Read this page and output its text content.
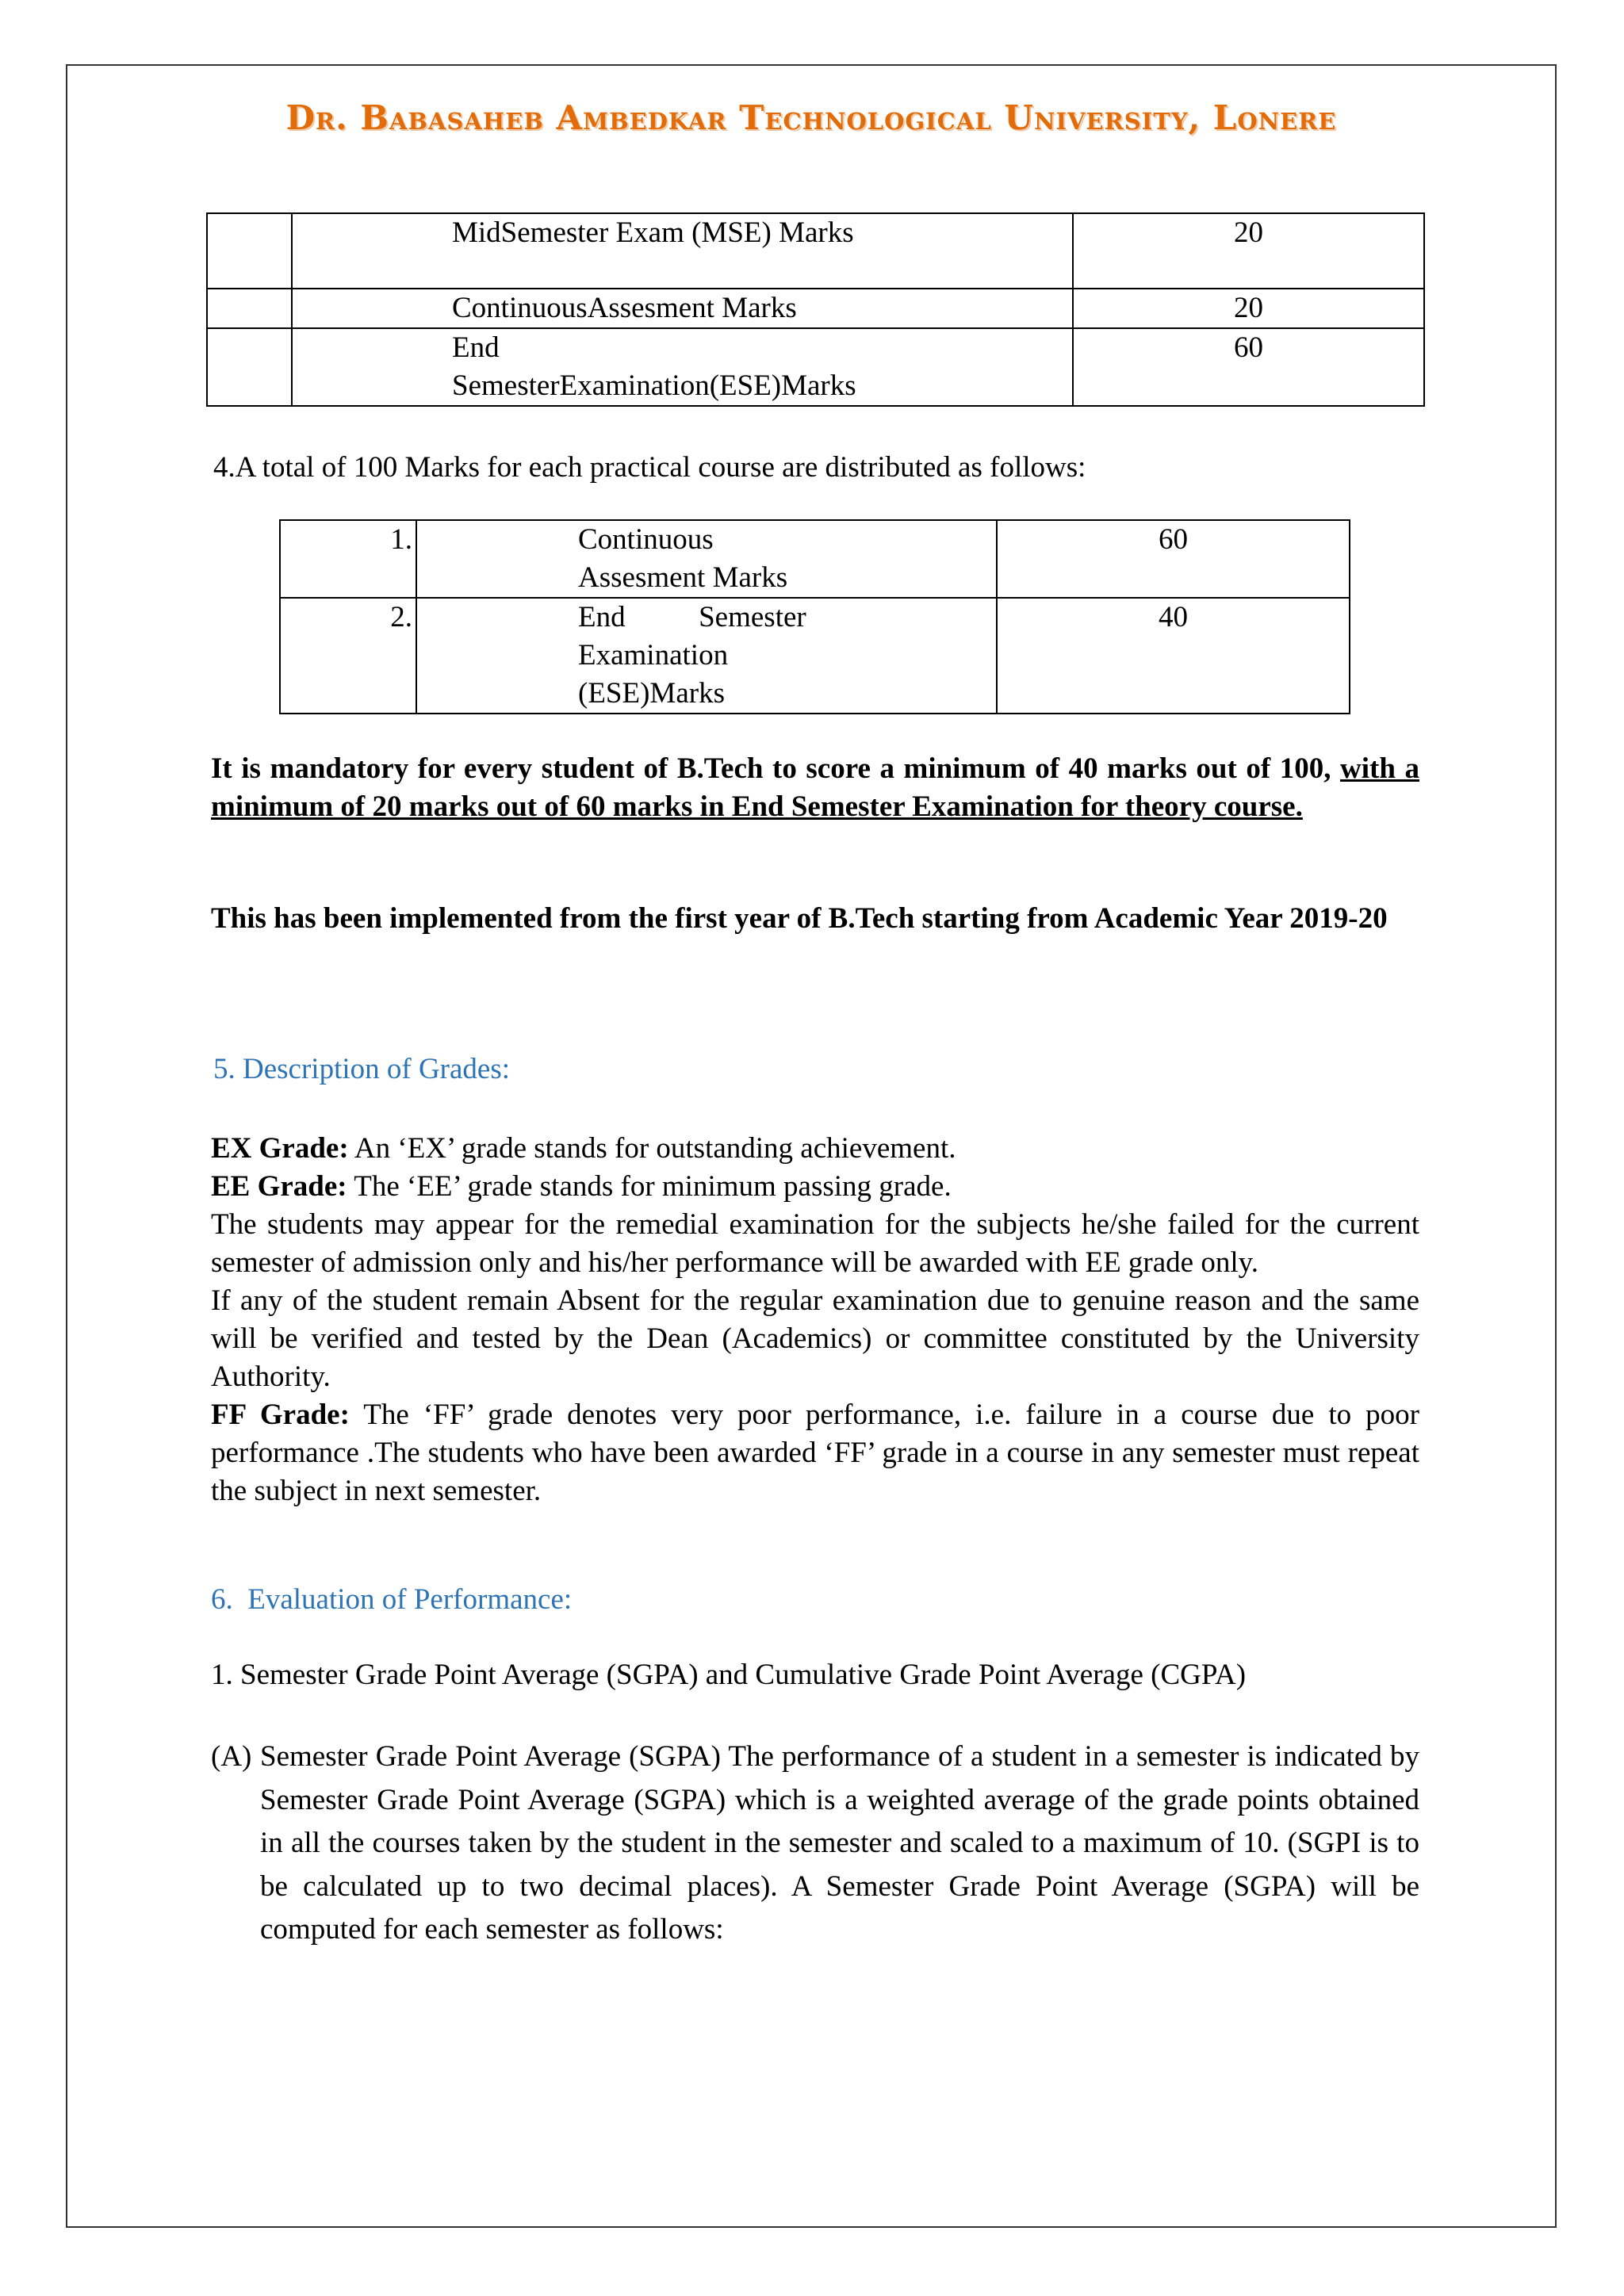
Dr. Babasaheb Ambedkar Technological University, Lonere
	MidSemester Exam (MSE) Marks	20
	ContinuousAssesment Marks	20

	End
SemesterExamination(ESE)Marks	60
4.A total of 100 Marks for each practical course are distributed as follows:
1.	Continuous
Assesment Marks	60
2.	End          Semester
Examination
(ESE)Marks	40
It is mandatory for every student of B.Tech to score a minimum of 40 marks out of 100, with a minimum of 20 marks out of 60 marks in End Semester Examination for theory course.
This has been implemented from the first year of B.Tech starting from Academic Year 2019-20
5. Description of Grades:
EX Grade: An ‘EX’ grade stands for outstanding achievement.
EE Grade: The ‘EE’ grade stands for minimum passing grade.
The students may appear for the remedial examination for the subjects he/she failed for the current semester of admission only and his/her performance will be awarded with EE grade only.
If any of the student remain Absent for the regular examination due to genuine reason and the same will be verified and tested by the Dean (Academics) or committee constituted by the University Authority.
FF Grade: The ‘FF’ grade denotes very poor performance, i.e. failure in a course due to poor performance .The students who have been awarded ‘FF’ grade in a course in any semester must repeat the subject in next semester.
6.  Evaluation of Performance:
1. Semester Grade Point Average (SGPA) and Cumulative Grade Point Average (CGPA)
(A) Semester Grade Point Average (SGPA) The performance of a student in a semester is indicated by Semester Grade Point Average (SGPA) which is a weighted average of the grade points obtained in all the courses taken by the student in the semester and scaled to a maximum of 10. (SGPI is to be calculated up to two decimal places). A Semester Grade Point Average (SGPA) will be computed for each semester as follows:
